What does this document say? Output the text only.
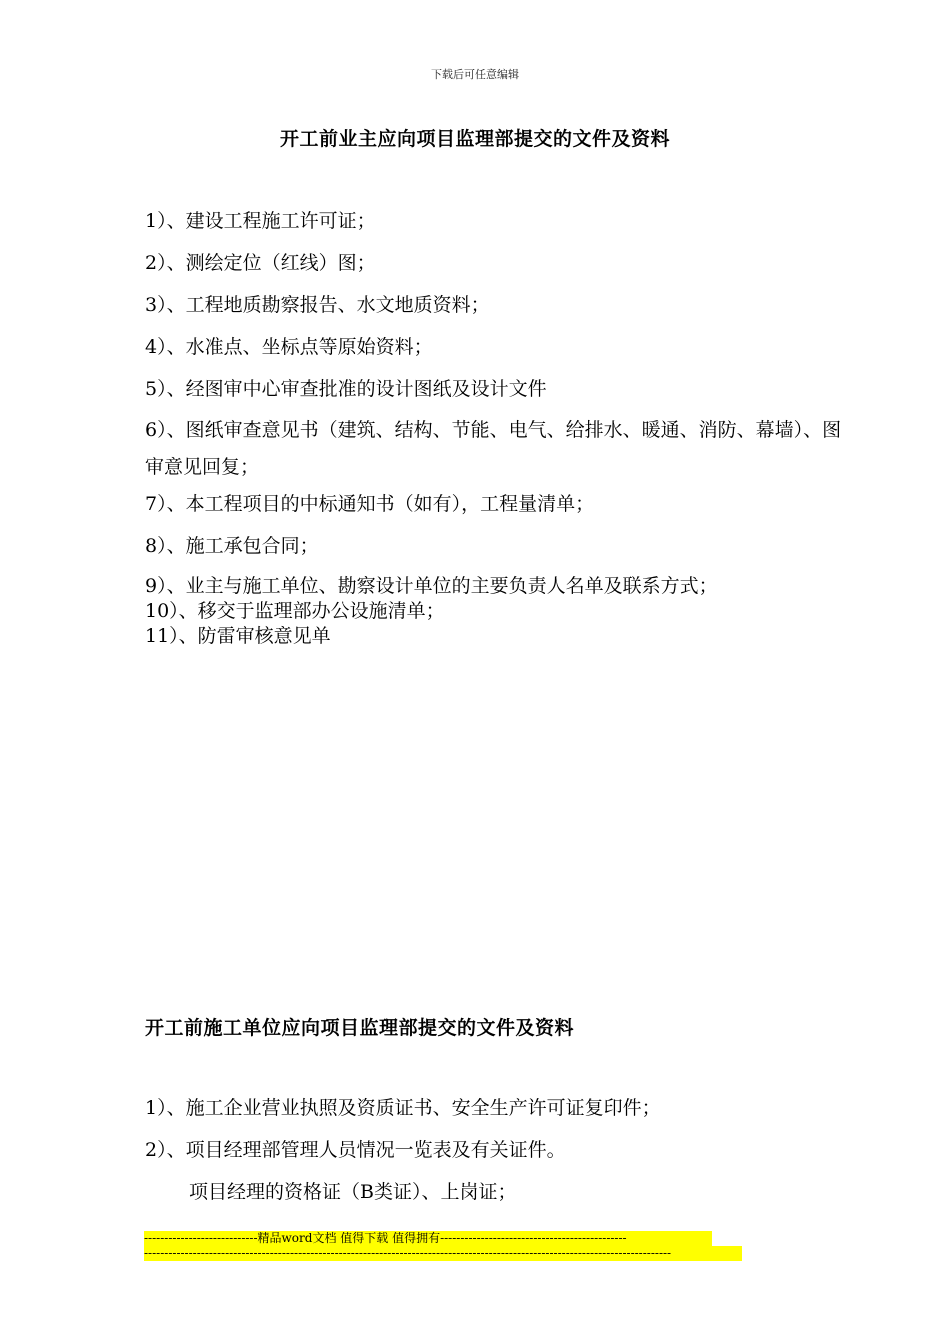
下载后可任意编辑
开工前业主应向项目监理部提交的文件及资料
1）、建设工程施工许可证；
2）、测绘定位（红线）图；
3）、工程地质勘察报告、水文地质资料；
4）、水准点、坐标点等原始资料；
5）、经图审中心审查批准的设计图纸及设计文件
6）、图纸审查意见书（建筑、结构、节能、电气、给排水、暖通、消防、幕墙）、图审意见回复；
7）、本工程项目的中标通知书（如有），工程量清单；
8）、施工承包合同；
9）、业主与施工单位、勘察设计单位的主要负责人名单及联系方式；
10）、移交于监理部办公设施清单；
11）、防雷审核意见单
开工前施工单位应向项目监理部提交的文件及资料
1）、施工企业营业执照及资质证书、安全生产许可证复印件；
2）、项目经理部管理人员情况一览表及有关证件。
项目经理的资格证（B类证）、上岗证；
----------------------------精品word文档 值得下载 值得拥有----------------------------------------------
----------------------------------------------------------------------------------------------------------------------------------
